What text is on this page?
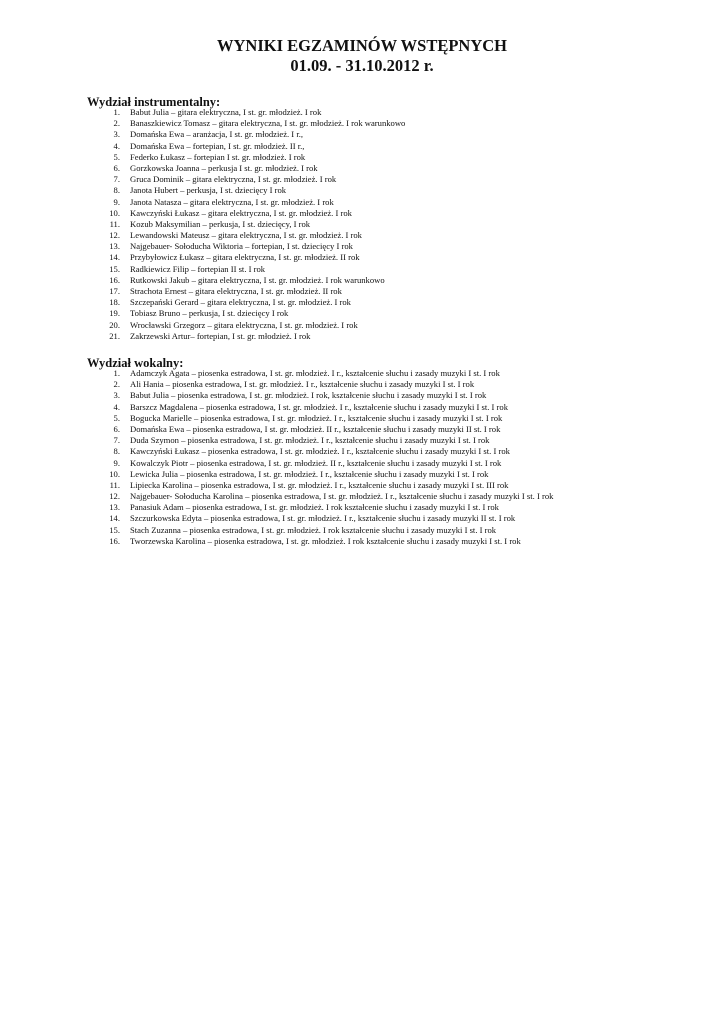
WYNIKI EGZAMINÓW WSTĘPNYCH
01.09. - 31.10.2012 r.
Wydział instrumentalny:
1. Babut Julia – gitara elektryczna, I st. gr. młodzież. I rok
2. Banaszkiewicz Tomasz – gitara elektryczna, I st. gr. młodzież. I rok warunkowo
3. Domańska Ewa – aranżacja, I st. gr. młodzież. I r.,
4. Domańska Ewa – fortepian, I st. gr. młodzież. II r.,
5. Federko Łukasz – fortepian I st. gr. młodzież. I rok
6. Gorzkowska Joanna – perkusja I st. gr. młodzież. I rok
7. Gruca Dominik – gitara elektryczna, I st. gr. młodzież. I rok
8. Janota Hubert – perkusja, I st. dziecięcy I rok
9. Janota Natasza – gitara elektryczna, I st. gr. młodzież. I rok
10. Kawczyński Łukasz – gitara elektryczna, I st. gr. młodzież. I rok
11. Kozub Maksymilian – perkusja, I st. dziecięcy, I rok
12. Lewandowski Mateusz – gitara elektryczna, I st. gr. młodzież. I rok
13. Najgebauer- Sołoducha Wiktoria – fortepian, I st. dziecięcy I rok
14. Przybyłowicz Łukasz – gitara elektryczna, I st. gr. młodzież. II rok
15. Radkiewicz Filip – fortepian II st. I rok
16. Rutkowski Jakub – gitara elektryczna, I st. gr. młodzież. I rok warunkowo
17. Strachota Ernest – gitara elektryczna, I st. gr. młodzież. II rok
18. Szczepański Gerard – gitara elektryczna, I st. gr. młodzież. I rok
19. Tobiasz Bruno – perkusja, I st. dziecięcy I rok
20. Wrocławski Grzegorz – gitara elektryczna, I st. gr. młodzież. I rok
21. Zakrzewski Artur– fortepian, I st. gr. młodzież. I rok
Wydział wokalny:
1. Adamczyk Agata – piosenka estradowa, I st. gr. młodzież. I r., kształcenie słuchu i zasady muzyki I st. I rok
2. Ali Hania – piosenka estradowa, I st. gr. młodzież. I r., kształcenie słuchu i zasady muzyki I st. I rok
3. Babut Julia – piosenka estradowa, I st. gr. młodzież. I rok, kształcenie słuchu i zasady muzyki I st. I rok
4. Barszcz Magdalena – piosenka estradowa, I st. gr. młodzież. I r., kształcenie słuchu i zasady muzyki I st. I rok
5. Bogucka Marielle – piosenka estradowa, I st. gr. młodzież. I r., kształcenie słuchu i zasady muzyki I st. I rok
6. Domańska Ewa – piosenka estradowa, I st. gr. młodzież. II r., kształcenie słuchu i zasady muzyki II st. I rok
7. Duda Szymon – piosenka estradowa, I st. gr. młodzież. I r., kształcenie słuchu i zasady muzyki I st. I rok
8. Kawczyński Łukasz – piosenka estradowa, I st. gr. młodzież. I r., kształcenie słuchu i zasady muzyki I st. I rok
9. Kowalczyk Piotr – piosenka estradowa, I st. gr. młodzież. II r., kształcenie słuchu i zasady muzyki I st. I rok
10. Lewicka Julia – piosenka estradowa, I st. gr. młodzież. I r., kształcenie słuchu i zasady muzyki I st. I rok
11. Lipiecka Karolina – piosenka estradowa, I st. gr. młodzież. I r., kształcenie słuchu i zasady muzyki I st. III rok
12. Najgebauer- Sołoducha Karolina – piosenka estradowa, I st. gr. młodzież. I r., kształcenie słuchu i zasady muzyki I st. I rok
13. Panasiuk Adam – piosenka estradowa, I st. gr. młodzież. I rok kształcenie słuchu i zasady muzyki I st. I rok
14. Szczurkowska Edyta – piosenka estradowa, I st. gr. młodzież. I r., kształcenie słuchu i zasady muzyki II st. I rok
15. Stach Zuzanna – piosenka estradowa, I st. gr. młodzież. I rok kształcenie słuchu i zasady muzyki I st. I rok
16. Tworzewska Karolina – piosenka estradowa, I st. gr. młodzież. I rok kształcenie słuchu i zasady muzyki I st. I rok
